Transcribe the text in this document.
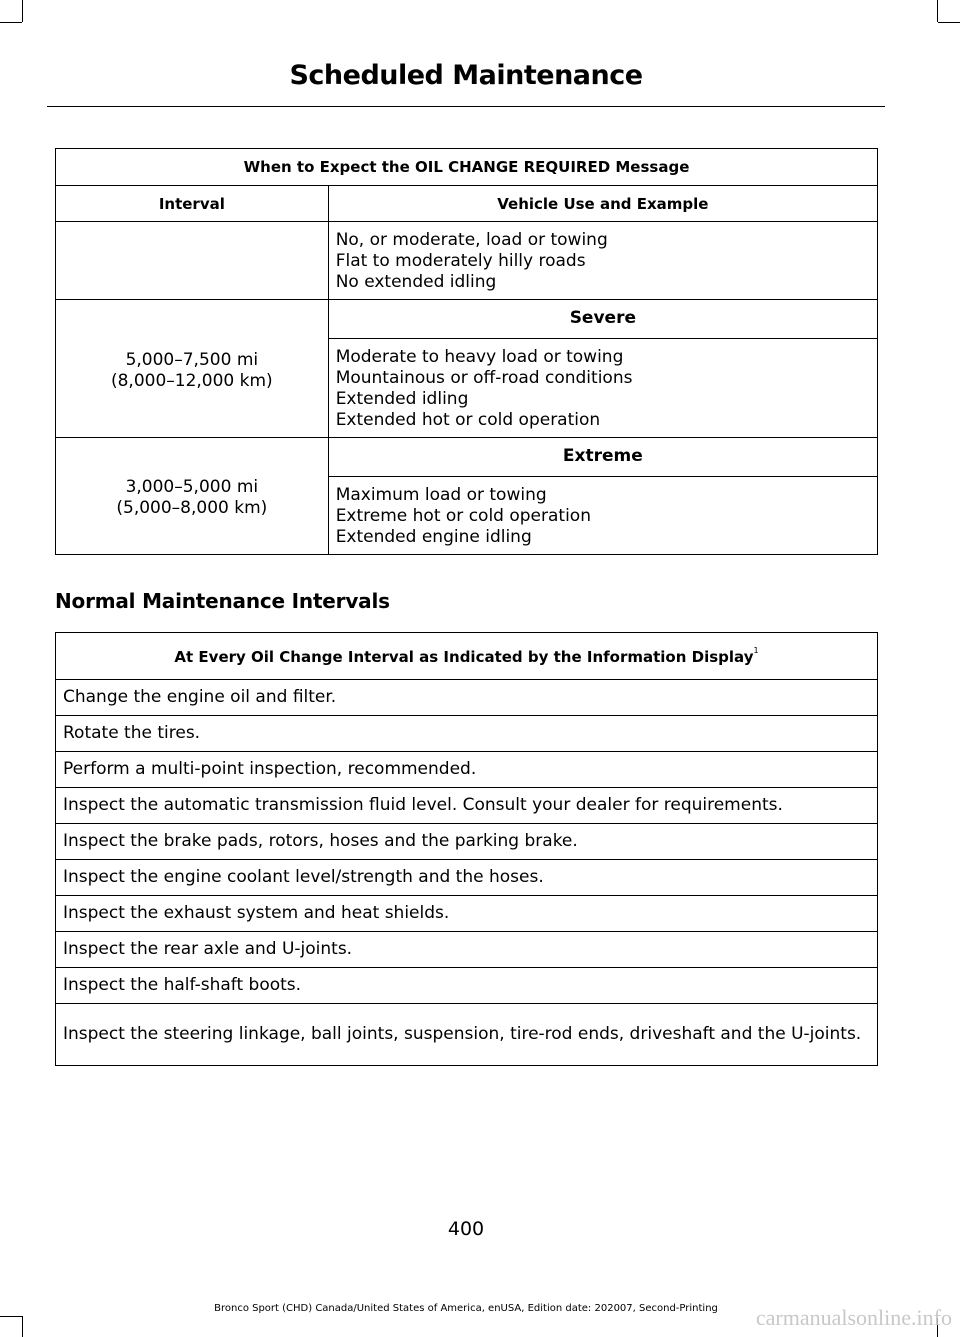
Scheduled Maintenance
When to Expect the OIL CHANGE REQUIRED Message	
Interval	Vehicle Use and Example

	No, or moderate, load or towing
Flat to moderately hilly roads
No extended idling

5,000–7,500 mi
(8,000–12,000 km)	Severe

	Moderate to heavy load or towing
Mountainous or off-road conditions
Extended idling
Extended hot or cold operation

3,000–5,000 mi
(5,000–8,000 km)	Extreme

	Maximum load or towing
Extreme hot or cold operation
Extended engine idling
Normal Maintenance Intervals
At Every Oil Change Interval as Indicated by the Information Display$^1$
Change the engine oil and filter.
Rotate the tires.
Perform a multi-point inspection, recommended.
Inspect the automatic transmission fluid level. Consult your dealer for requirements.
Inspect the brake pads, rotors, hoses and the parking brake.
Inspect the engine coolant level/strength and the hoses.
Inspect the exhaust system and heat shields.
Inspect the rear axle and U-joints.
Inspect the half-shaft boots.
Inspect the steering linkage, ball joints, suspension, tire-rod ends, driveshaft and the U-joints.
400
Bronco Sport (CHD) Canada/United States of America, enUSA, Edition date: 202007, Second-Printing	carmanualsonline.info
